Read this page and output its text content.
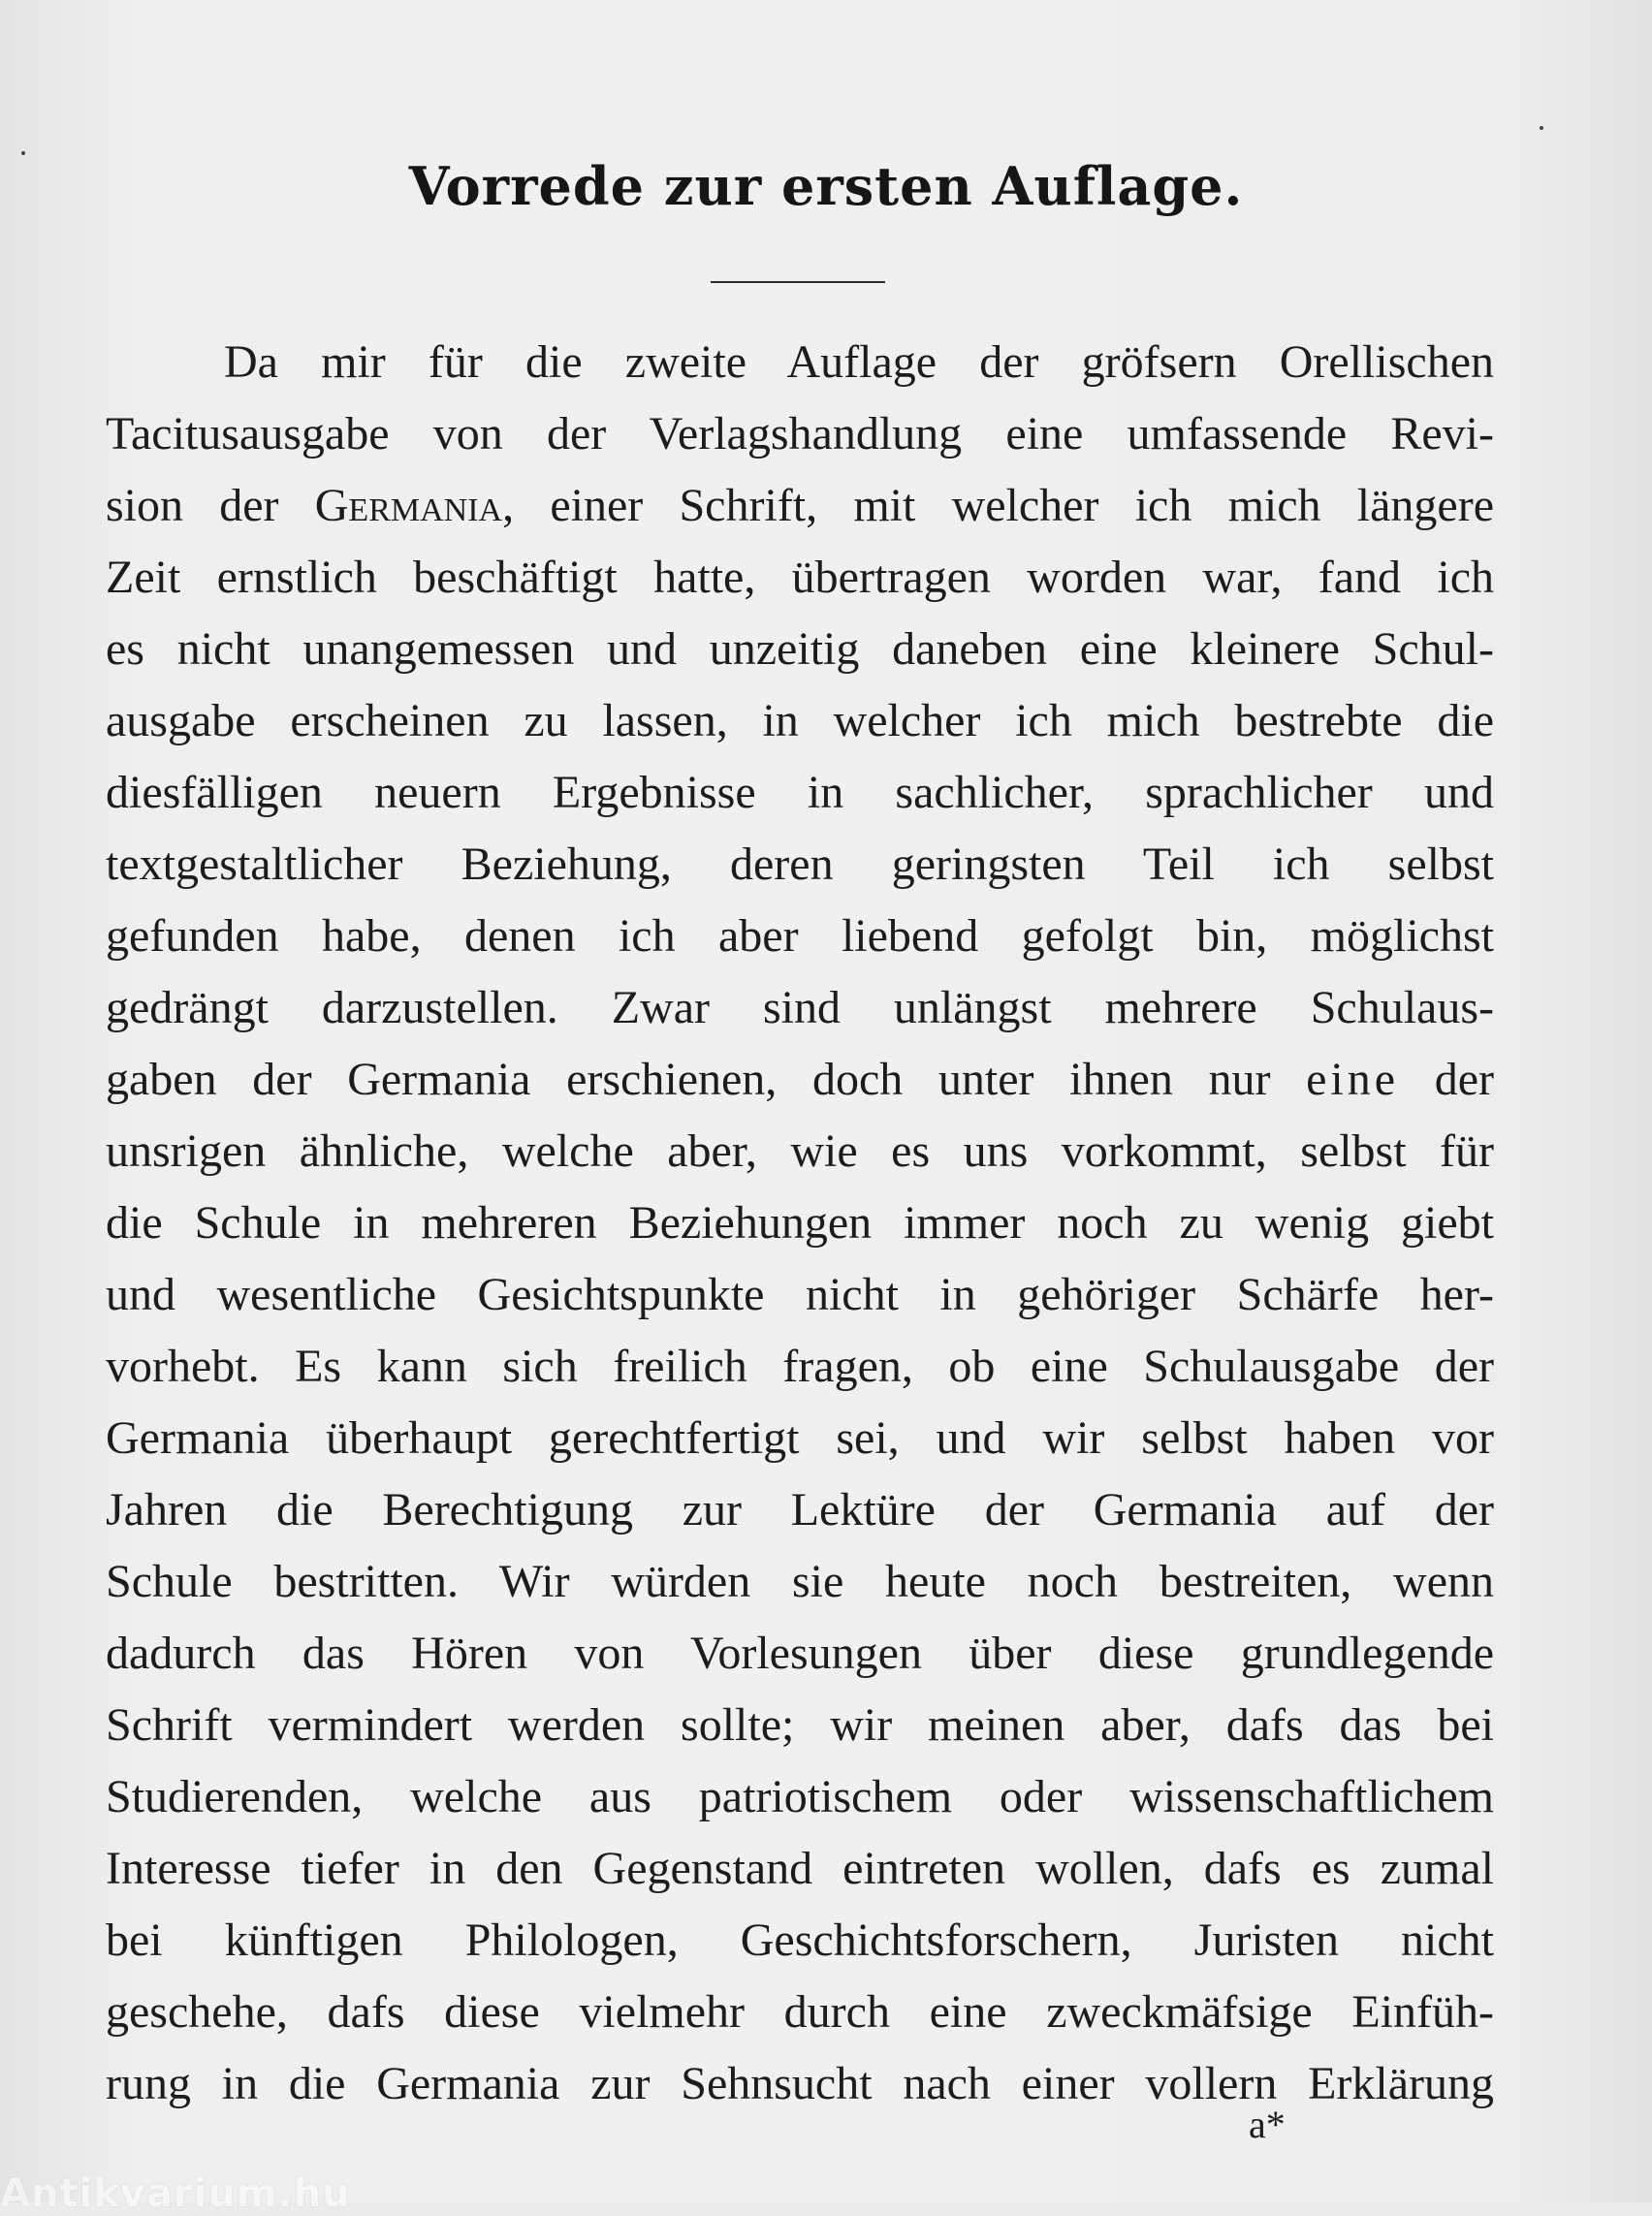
Vorrede zur ersten Auflage.
Da mir für die zweite Auflage der gröfsern Orellischen
Tacitusausgabe von der Verlagshandlung eine umfassende Revi-
sion der Germania, einer Schrift, mit welcher ich mich längere
Zeit ernstlich beschäftigt hatte, übertragen worden war, fand ich
es nicht unangemessen und unzeitig daneben eine kleinere Schul-
ausgabe erscheinen zu lassen, in welcher ich mich bestrebte die
diesfälligen neuern Ergebnisse in sachlicher, sprachlicher und
textgestaltlicher Beziehung, deren geringsten Teil ich selbst
gefunden habe, denen ich aber liebend gefolgt bin, möglichst
gedrängt darzustellen. Zwar sind unlängst mehrere Schulaus-
gaben der Germania erschienen, doch unter ihnen nur eine der
unsrigen ähnliche, welche aber, wie es uns vorkommt, selbst für
die Schule in mehreren Beziehungen immer noch zu wenig giebt
und wesentliche Gesichtspunkte nicht in gehöriger Schärfe her-
vorhebt. Es kann sich freilich fragen, ob eine Schulausgabe der
Germania überhaupt gerechtfertigt sei, und wir selbst haben vor
Jahren die Berechtigung zur Lektüre der Germania auf der
Schule bestritten. Wir würden sie heute noch bestreiten, wenn
dadurch das Hören von Vorlesungen über diese grundlegende
Schrift vermindert werden sollte; wir meinen aber, dafs das bei
Studierenden, welche aus patriotischem oder wissenschaftlichem
Interesse tiefer in den Gegenstand eintreten wollen, dafs es zumal
bei künftigen Philologen, Geschichtsforschern, Juristen nicht
geschehe, dafs diese vielmehr durch eine zweckmäfsige Einfüh-
rung in die Germania zur Sehnsucht nach einer vollern Erklärung
a*
Antikvarium.hu
